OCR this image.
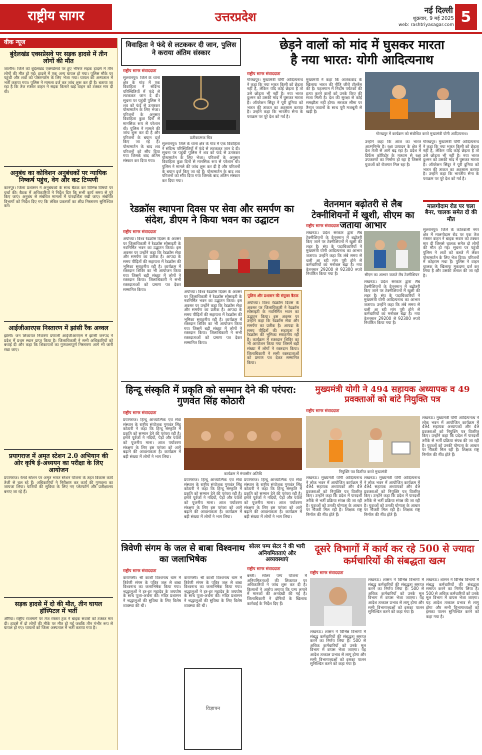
राष्ट्रीय सागर	उत्तरप्रदेश	नई दिल्ली
शुक्रवार, 9 मई 2025
web: rashtriyasagar.com 5
वीक न्यूज
बुंदेलखंड एक्सप्रेसवे पर सड़क हादसे में तीन लोगों की मौत
जालौन। जिले को बुंदेलखंड एक्सप्रेसवे पर हुए भीषण सड़क हादसे में तीन लोगों की मौत हो गई। हादसे में एक अन्य घायल हो गया। पुलिस मौके पर पहुंची और शवों को पोस्टमार्टम के लिए भेजा गया। घायल को अस्पताल में भर्ती कराया गया। पुलिस ने मामला दर्ज कर जांच शुरू कर दी है। बताया जा रहा है कि तेज रफ्तार वाहन ने सड़क किनारे खड़े वाहन को टक्कर मार दी थी।
अनुबंध का कोविशन अनुबंधकों पर न्यायिक निष्कर्ष पहुंच, वेग और कट टिप्पणी
कानपुर। जिला प्रशासन ने अनुबंधकों के साथ बैठक कर विभिन्न विषयों पर चर्चा की। बैठक में अधिकारियों ने निर्देश दिए कि सभी कार्य समय से पूरे किए जाएं। अनुबंध से संबंधित मामलों में पारदर्शिता रखी जाए। संबंधित विभागों को निर्देश दिए गए कि लंबित प्रकरणों का शीघ्र निस्तारण सुनिश्चित करें।
आईजीआरएस निस्तारण में झांसी रैंक अव्वल
झांसी। जन शिकायत निवारण प्रणाली आईजीआरएस में झांसी जनपद ने प्रदेश में प्रथम स्थान प्राप्त किया है। जिलाधिकारी ने सभी अधिकारियों को बधाई दी और कहा कि शिकायतों का गुणवत्तापूर्ण निस्तारण आगे भी जारी रखा जाए।
प्रयागराज में अमृत स्टेशन 2.0 अभियान की ओर कृषि ई-अध्ययन का परीक्षा के लिए आयोजन
प्रयागराज। रेलवे स्टेशन पर अमृत भारत स्टेशन योजना के तहत विकास कार्य तेजी से चल रहे हैं। अधिकारियों ने निरीक्षण कर कार्य की गुणवत्ता का जायजा लिया। यात्रियों की सुविधा के लिए नए प्लेटफॉर्म और प्रतीक्षालय बनाए जा रहे हैं।
सड़क हादसे में दो की मौत, तीन घायल हॉस्पिटल में भर्ती
औरैया। राष्ट्रीय राजमार्ग पर तेज रफ्तार ट्रक ने बाइक सवारों को टक्कर मार दी। हादसे में दो लोगों की मौके पर मौत हो गई जबकि तीन गंभीर रूप से घायल हो गए। घायलों को जिला अस्पताल में भर्ती कराया गया है।
विवाहिता ने फंदे से लटककर दी जान, पुलिस ने कराया अंतिम संस्कार
राष्ट्रीय सागर संवाददाता
प्रतीकात्मक चित्र
सुल्तानपुर। जिले के थाना क्षेत्र के गांव में एक विवाहिता ने संदिग्ध परिस्थितियों में फंदे से लटककर जान दे दी। सूचना पर पहुंची पुलिस ने शव को फंदे से उतारकर पोस्टमार्टम के लिए भेजा। परिजनों के अनुसार विवाहिता कुछ दिनों से मानसिक रूप से परेशान थी। पुलिस ने मामले की जांच शुरू कर दी है और परिजनों के बयान दर्ज किए जा रहे हैं। पोस्टमार्टम के बाद शव परिजनों को सौंप दिया गया जिसके बाद अंतिम संस्कार कर दिया गया।
सुल्तानपुर। जिले के थाना क्षेत्र के गांव में एक विवाहिता ने संदिग्ध परिस्थितियों में फंदे से लटककर जान दे दी। सूचना पर पहुंची पुलिस ने शव को फंदे से उतारकर पोस्टमार्टम के लिए भेजा। परिजनों के अनुसार विवाहिता कुछ दिनों से मानसिक रूप से परेशान थी। पुलिस ने मामले की जांच शुरू कर दी है और परिजनों के बयान दर्ज किए जा रहे हैं। पोस्टमार्टम के बाद शव परिजनों को सौंप दिया गया जिसके बाद अंतिम संस्कार कर दिया गया।
छेड़ने वालों को मांद में घुसकर मारता
है नया भारत: योगी आदित्यनाथ
राष्ट्रीय सागर संवाददाता
गोरखपुर। मुख्यमंत्री योगी आदित्यनाथ ने कहा कि नया भारत किसी को छेड़ता नहीं है, लेकिन यदि कोई छेड़ता है तो उसे छोड़ता भी नहीं है। नया भारत दुश्मन को उसकी मांद में घुसकर मारता है। ऑपरेशन सिंदूर ने पूरी दुनिया को भारत की ताकत का अहसास कराया है। उन्होंने कहा कि भारतीय सेना के पराक्रम पर पूरे देश को गर्व है।
मुख्यमंत्री ने कहा कि आतंकवाद के खिलाफ भारत की नीति जीरो टॉलरेंस की है। पहलगाम में निर्दोष पर्यटकों की हत्या करने वालों को उनके किए की सजा मिली है। देश की सुरक्षा से कोई समझौता नहीं होगा। सरकार सीमा पर तैनात जवानों के साथ पूरी मजबूती से खड़ी है।
गोरखपुर में कार्यक्रम को संबोधित करते मुख्यमंत्री योगी आदित्यनाथ।
उन्होंने कहा कि आज का भारत आत्मनिर्भर है। रक्षा उत्पादन के क्षेत्र में देश तेजी से आगे बढ़ रहा है। प्रदेश में डिफेंस कॉरिडोर के माध्यम से रक्षा उपकरणों का निर्माण हो रहा है जिससे युवाओं को रोजगार मिल रहा है।
गोरखपुर। मुख्यमंत्री योगी आदित्यनाथ ने कहा कि नया भारत किसी को छेड़ता नहीं है, लेकिन यदि कोई छेड़ता है तो उसे छोड़ता भी नहीं है। नया भारत दुश्मन को उसकी मांद में घुसकर मारता है। ऑपरेशन सिंदूर ने पूरी दुनिया को भारत की ताकत का अहसास कराया है। उन्होंने कहा कि भारतीय सेना के पराक्रम पर पूरे देश को गर्व है।
मालगोदाम रोड पर चला बैनर, चालक समेत दो की मौत
सुल्तानपुर। जिले के कोतवाली नगर क्षेत्र में मालगोदाम रोड पर एक तेज रफ्तार वाहन ने बाइक सवार को टक्कर मार दी जिससे चालक समेत दो लोगों की मौत हो गई। सूचना पर पहुंची पुलिस ने शवों को कब्जे में लेकर पोस्टमार्टम के लिए भेज दिया। परिजनों में कोहराम मचा है। पुलिस ने वाहन चालक के खिलाफ मुकदमा दर्ज कर लिया है और उसकी तलाश की जा रही है।
वेतनमान बढ़ोतरी से लैब टेक्नीशियनों में खुशी, सीएम का जताया आभार
राष्ट्रीय सागर संवाददाता
लखनऊ। प्रदेश सरकार द्वारा लैब टेक्नीशियनों के वेतनमान में बढ़ोतरी किए जाने पर टेक्नीशियनों में खुशी की लहर है। संघ के पदाधिकारियों ने मुख्यमंत्री योगी आदित्यनाथ का आभार जताया। उन्होंने कहा कि लंबे समय से चली आ रही मांग पूरी होने से कर्मचारियों का मनोबल बढ़ा है। नया वेतनमान 29200 से 92300 रुपये निर्धारित किया गया है।	सीएम का आभार जताते लैब टेक्नीशियन
लखनऊ। प्रदेश सरकार द्वारा लैब टेक्नीशियनों के वेतनमान में बढ़ोतरी किए जाने पर टेक्नीशियनों में खुशी की लहर है। संघ के पदाधिकारियों ने मुख्यमंत्री योगी आदित्यनाथ का आभार जताया। उन्होंने कहा कि लंबे समय से चली आ रही मांग पूरी होने से कर्मचारियों का मनोबल बढ़ा है। नया वेतनमान 29200 से 92300 रुपये निर्धारित किया गया है।
रेडक्रॉस स्थापना दिवस पर सेवा और समर्पण का संदेश, डीएम ने किया भवन का उद्घाटन
राष्ट्रीय सागर संवाददाता
अयोध्या। विश्व रेडक्रॉस दिवस के अवसर पर जिलाधिकारी ने रेडक्रॉस सोसाइटी के नवनिर्मित भवन का उद्घाटन किया। इस अवसर पर उन्होंने कहा कि रेडक्रॉस सेवा और समर्पण का प्रतीक है। आपदा के समय पीड़ितों की सहायता में रेडक्रॉस की भूमिका सराहनीय रही है। कार्यक्रम में रक्तदान शिविर का भी आयोजन किया गया जिसमें बड़ी संख्या में लोगों ने रक्तदान किया। जिलाधिकारी ने सभी रक्तदाताओं को प्रमाण पत्र देकर सम्मानित किया।	अयोध्या। विश्व रेडक्रॉस दिवस के अवसर पर जिलाधिकारी ने रेडक्रॉस सोसाइटी के नवनिर्मित भवन का उद्घाटन किया। इस अवसर पर उन्होंने कहा कि रेडक्रॉस सेवा और समर्पण का प्रतीक है। आपदा के समय पीड़ितों की सहायता में रेडक्रॉस की भूमिका सराहनीय रही है। कार्यक्रम में रक्तदान शिविर का भी आयोजन किया गया जिसमें बड़ी संख्या में लोगों ने रक्तदान किया। जिलाधिकारी ने सभी रक्तदाताओं को प्रमाण पत्र देकर सम्मानित किया।
पुलिस और प्रशासन की संयुक्त बैठक
अयोध्या। विश्व रेडक्रॉस दिवस के अवसर पर जिलाधिकारी ने रेडक्रॉस सोसाइटी के नवनिर्मित भवन का उद्घाटन किया। इस अवसर पर उन्होंने कहा कि रेडक्रॉस सेवा और समर्पण का प्रतीक है। आपदा के समय पीड़ितों की सहायता में रेडक्रॉस की भूमिका सराहनीय रही है। कार्यक्रम में रक्तदान शिविर का भी आयोजन किया गया जिसमें बड़ी संख्या में लोगों ने रक्तदान किया। जिलाधिकारी ने सभी रक्तदाताओं को प्रमाण पत्र देकर सम्मानित किया।
हिन्दू संस्कृति में प्रकृति को सम्मान देने की परंपरा: गुणवंत सिंह कोठारी
राष्ट्रीय सागर संवाददाता
प्रयागराज। हिन्दू आध्यात्मिक एवं सेवा संस्थान के राष्ट्रीय संयोजक गुणवंत सिंह कोठारी ने कहा कि हिन्दू संस्कृति में प्रकृति को सम्मान देने की परंपरा रही है। हमारे पूर्वजों ने नदियों, पेड़ों और पर्वतों को पूजनीय माना। आज पर्यावरण संरक्षण के लिए इस परंपरा को आगे बढ़ाने की आवश्यकता है। कार्यक्रम में बड़ी संख्या में लोगों ने भाग लिया।
कार्यक्रम में मंचासीन अतिथि
प्रयागराज। हिन्दू आध्यात्मिक एवं सेवा संस्थान के राष्ट्रीय संयोजक गुणवंत सिंह कोठारी ने कहा कि हिन्दू संस्कृति में प्रकृति को सम्मान देने की परंपरा रही है। हमारे पूर्वजों ने नदियों, पेड़ों और पर्वतों को पूजनीय माना। आज पर्यावरण संरक्षण के लिए इस परंपरा को आगे बढ़ाने की आवश्यकता है। कार्यक्रम में बड़ी संख्या में लोगों ने भाग लिया।
प्रयागराज। हिन्दू आध्यात्मिक एवं सेवा संस्थान के राष्ट्रीय संयोजक गुणवंत सिंह कोठारी ने कहा कि हिन्दू संस्कृति में प्रकृति को सम्मान देने की परंपरा रही है। हमारे पूर्वजों ने नदियों, पेड़ों और पर्वतों को पूजनीय माना। आज पर्यावरण संरक्षण के लिए इस परंपरा को आगे बढ़ाने की आवश्यकता है। कार्यक्रम में बड़ी संख्या में लोगों ने भाग लिया।
मुख्यमंत्री योगी ने 494 सहायक अध्यापक व 49 प्रवक्ताओं को बांटे नियुक्ति पत्र
राष्ट्रीय सागर संवाददाता
नियुक्ति पत्र वितरित करते मुख्यमंत्री
लखनऊ। मुख्यमंत्री योगी आदित्यनाथ ने लोक भवन में आयोजित कार्यक्रम में 494 सहायक अध्यापकों और 49 प्रवक्ताओं को नियुक्ति पत्र वितरित किए। उन्होंने कहा कि प्रदेश में पारदर्शी तरीके से भर्ती प्रक्रिया संपन्न की जा रही है। युवाओं को उनकी योग्यता के आधार पर नौकरी मिल रही है। शिक्षक राष्ट्र निर्माण की नींव होते हैं।
लखनऊ। मुख्यमंत्री योगी आदित्यनाथ ने लोक भवन में आयोजित कार्यक्रम में 494 सहायक अध्यापकों और 49 प्रवक्ताओं को नियुक्ति पत्र वितरित किए। उन्होंने कहा कि प्रदेश में पारदर्शी तरीके से भर्ती प्रक्रिया संपन्न की जा रही है। युवाओं को उनकी योग्यता के आधार पर नौकरी मिल रही है। शिक्षक राष्ट्र निर्माण की नींव होते हैं।
लखनऊ। मुख्यमंत्री योगी आदित्यनाथ ने लोक भवन में आयोजित कार्यक्रम में 494 सहायक अध्यापकों और 49 प्रवक्ताओं को नियुक्ति पत्र वितरित किए। उन्होंने कहा कि प्रदेश में पारदर्शी तरीके से भर्ती प्रक्रिया संपन्न की जा रही है। युवाओं को उनकी योग्यता के आधार पर नौकरी मिल रही है। शिक्षक राष्ट्र निर्माण की नींव होते हैं।
त्रिवेणी संगम के जल से बाबा विश्वनाथ का जलाभिषेक
राष्ट्रीय सागर संवाददाता
वाराणसी। श्री काशी विश्वनाथ धाम में त्रिवेणी संगम के पवित्र जल से बाबा विश्वनाथ का जलाभिषेक किया गया। श्रद्धालुओं ने हर-हर महादेव के जयघोष के साथ पूजा-अर्चना की। मंदिर प्रशासन ने श्रद्धालुओं की सुविधा के लिए विशेष व्यवस्था की थी।
वाराणसी। श्री काशी विश्वनाथ धाम में त्रिवेणी संगम के पवित्र जल से बाबा विश्वनाथ का जलाभिषेक किया गया। श्रद्धालुओं ने हर-हर महादेव के जयघोष के साथ पूजा-अर्चना की। मंदिर प्रशासन ने श्रद्धालुओं की सुविधा के लिए विशेष व्यवस्था की थी।
विज्ञापन
सोलर पम्प सेटर ने की भारी अनियमितताएं और अव्यवस्थाएं
राष्ट्रीय सागर संवाददाता
बस्ती। सोलर पम्प योजना में अनियमितताओं की शिकायत पर अधिकारियों ने जांच शुरू कर दी है। किसानों ने आरोप लगाया कि पम्प लगाने में मानकों की अनदेखी की गई है। जिलाधिकारी ने दोषियों के खिलाफ कार्रवाई के निर्देश दिए हैं।
दूसरे विभागों में कार्य कर रहे 500 से ज्यादा कर्मचारियों की संबद्धता खत्म
राष्ट्रीय सागर संवाददाता
लखनऊ। शासन ने विभिन्न विभागों में संबद्ध कर्मचारियों की संबद्धता समाप्त करने का निर्णय लिया है। 500 से अधिक कर्मचारियों को उनके मूल विभाग में वापस भेजा जाएगा। यह आदेश तत्काल प्रभाव से लागू होगा और सभी विभागाध्यक्षों को इसका पालन सुनिश्चित करने को कहा गया है।
लखनऊ। शासन ने विभिन्न विभागों में संबद्ध कर्मचारियों की संबद्धता समाप्त करने का निर्णय लिया है। 500 से अधिक कर्मचारियों को उनके मूल विभाग में वापस भेजा जाएगा। यह आदेश तत्काल प्रभाव से लागू होगा और सभी विभागाध्यक्षों को इसका पालन सुनिश्चित करने को कहा गया है।
लखनऊ। शासन ने विभिन्न विभागों में संबद्ध कर्मचारियों की संबद्धता समाप्त करने का निर्णय लिया है। 500 से अधिक कर्मचारियों को उनके मूल विभाग में वापस भेजा जाएगा। यह आदेश तत्काल प्रभाव से लागू होगा और सभी विभागाध्यक्षों को इसका पालन सुनिश्चित करने को कहा गया है।
